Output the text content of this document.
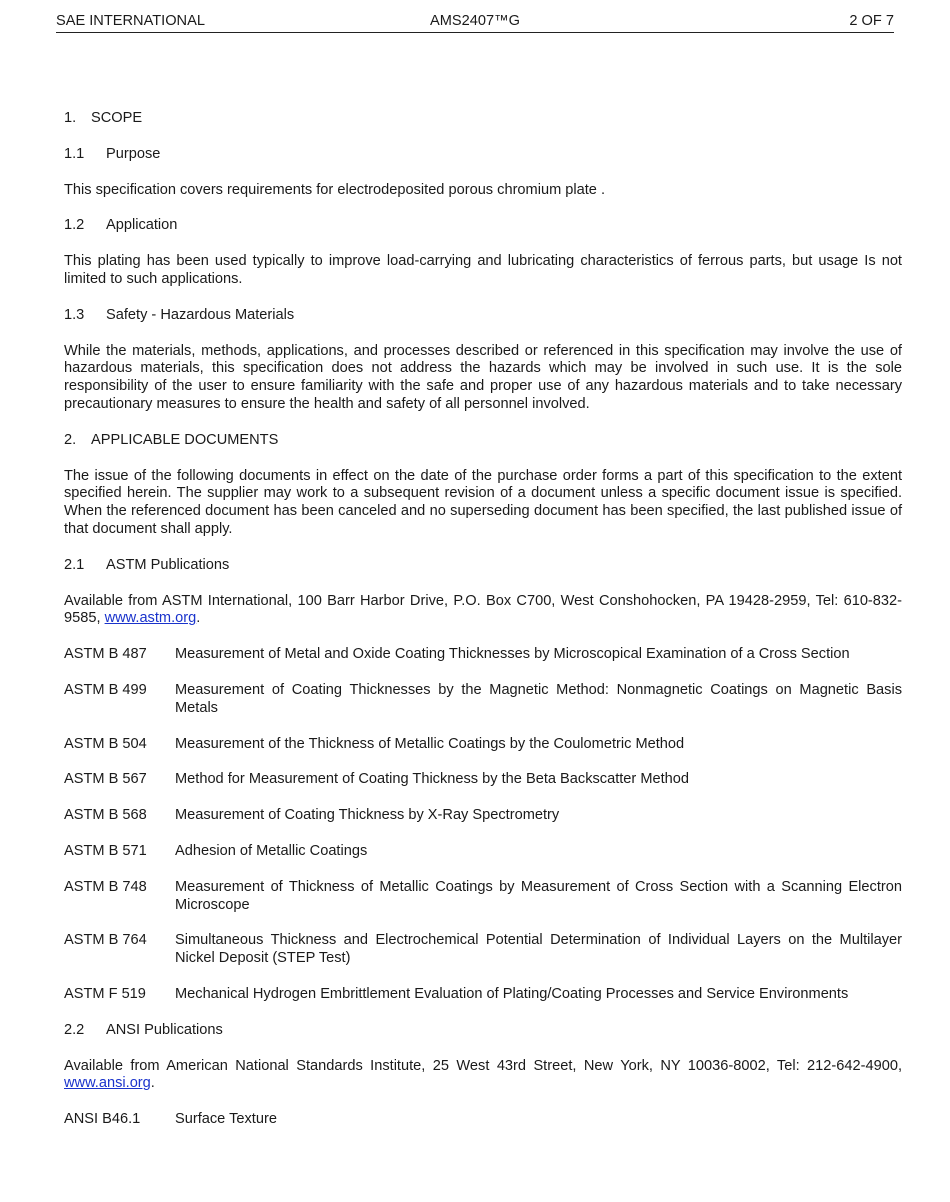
SAE INTERNATIONAL	AMS2407™G	2 OF 7
1. SCOPE
1.1 Purpose

This specification covers requirements for electrodeposited porous chromium plate .

1.2 Application

This plating has been used typically to improve load-carrying and lubricating characteristics of ferrous parts, but usage Is not limited to such applications.

1.3 Safety - Hazardous Materials

While the materials, methods, applications, and processes described or referenced in this specification may involve the use of hazardous materials, this specification does not address the hazards which may be involved in such use. It is the sole responsibility of the user to ensure familiarity with the safe and proper use of any hazardous materials and to take necessary precautionary measures to ensure the health and safety of all personnel involved.

2. APPLICABLE DOCUMENTS

The issue of the following documents in effect on the date of the purchase order forms a part of this specification to the extent specified herein. The supplier may work to a subsequent revision of a document unless a specific document issue is specified. When the referenced document has been canceled and no superseding document has been specified, the last published issue of that document shall apply.

2.1 ASTM Publications

Available from ASTM International, 100 Barr Harbor Drive, P.O. Box C700, West Conshohocken, PA 19428-2959, Tel: 610-832-9585, www.astm.org.

ASTM B 487	Measurement of Metal and Oxide Coating Thicknesses by Microscopical Examination of a Cross Section
ASTM B 499	Measurement of Coating Thicknesses by the Magnetic Method: Nonmagnetic Coatings on Magnetic Basis Metals
ASTM B 504	Measurement of the Thickness of Metallic Coatings by the Coulometric Method
ASTM B 567	Method for Measurement of Coating Thickness by the Beta Backscatter Method
ASTM B 568	Measurement of Coating Thickness by X-Ray Spectrometry
ASTM B 571	Adhesion of Metallic Coatings
ASTM B 748	Measurement of Thickness of Metallic Coatings by Measurement of Cross Section with a Scanning Electron Microscope
ASTM B 764	Simultaneous Thickness and Electrochemical Potential Determination of Individual Layers on the Multilayer Nickel Deposit (STEP Test)
ASTM F 519	Mechanical Hydrogen Embrittlement Evaluation of Plating/Coating Processes and Service Environments
2.2 ANSI Publications

Available from American National Standards Institute, 25 West 43rd Street, New York, NY 10036-8002, Tel: 212-642-4900, www.ansi.org.

ANSI B46.1	Surface Texture
